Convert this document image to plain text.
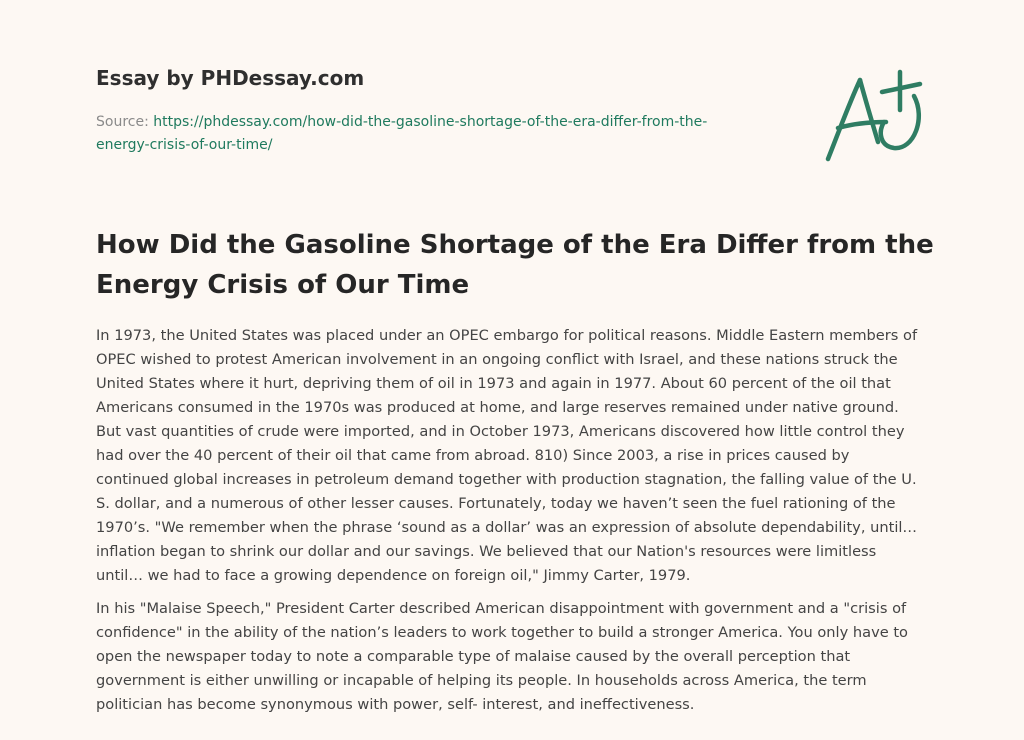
Essay by PHDessay.com

Source: https://phdessay.com/how-did-the-gasoline-shortage-of-the-era-differ-from-the-energy-crisis-of-our-time/

How Did the Gasoline Shortage of the Era Differ from the Energy Crisis of Our Time

In 1973, the United States was placed under an OPEC embargo for political reasons. Middle Eastern members of OPEC wished to protest American involvement in an ongoing conflict with Israel, and these nations struck the United States where it hurt, depriving them of oil in 1973 and again in 1977. About 60 percent of the oil that Americans consumed in the 1970s was produced at home, and large reserves remained under native ground. But vast quantities of crude were imported, and in October 1973, Americans discovered how little control they had over the 40 percent of their oil that came from abroad. 810) Since 2003, a rise in prices caused by continued global increases in petroleum demand together with production stagnation, the falling value of the U. S. dollar, and a numerous of other lesser causes. Fortunately, today we haven’t seen the fuel rationing of the 1970’s. "We remember when the phrase ‘sound as a dollar’ was an expression of absolute dependability, until… inflation began to shrink our dollar and our savings. We believed that our Nation's resources were limitless until… we had to face a growing dependence on foreign oil," Jimmy Carter, 1979.

In his "Malaise Speech," President Carter described American disappointment with government and a "crisis of confidence" in the ability of the nation’s leaders to work together to build a stronger America. You only have to open the newspaper today to note a comparable type of malaise caused by the overall perception that government is either unwilling or incapable of helping its people. In households across America, the term politician has become synonymous with power, self- interest, and ineffectiveness.
